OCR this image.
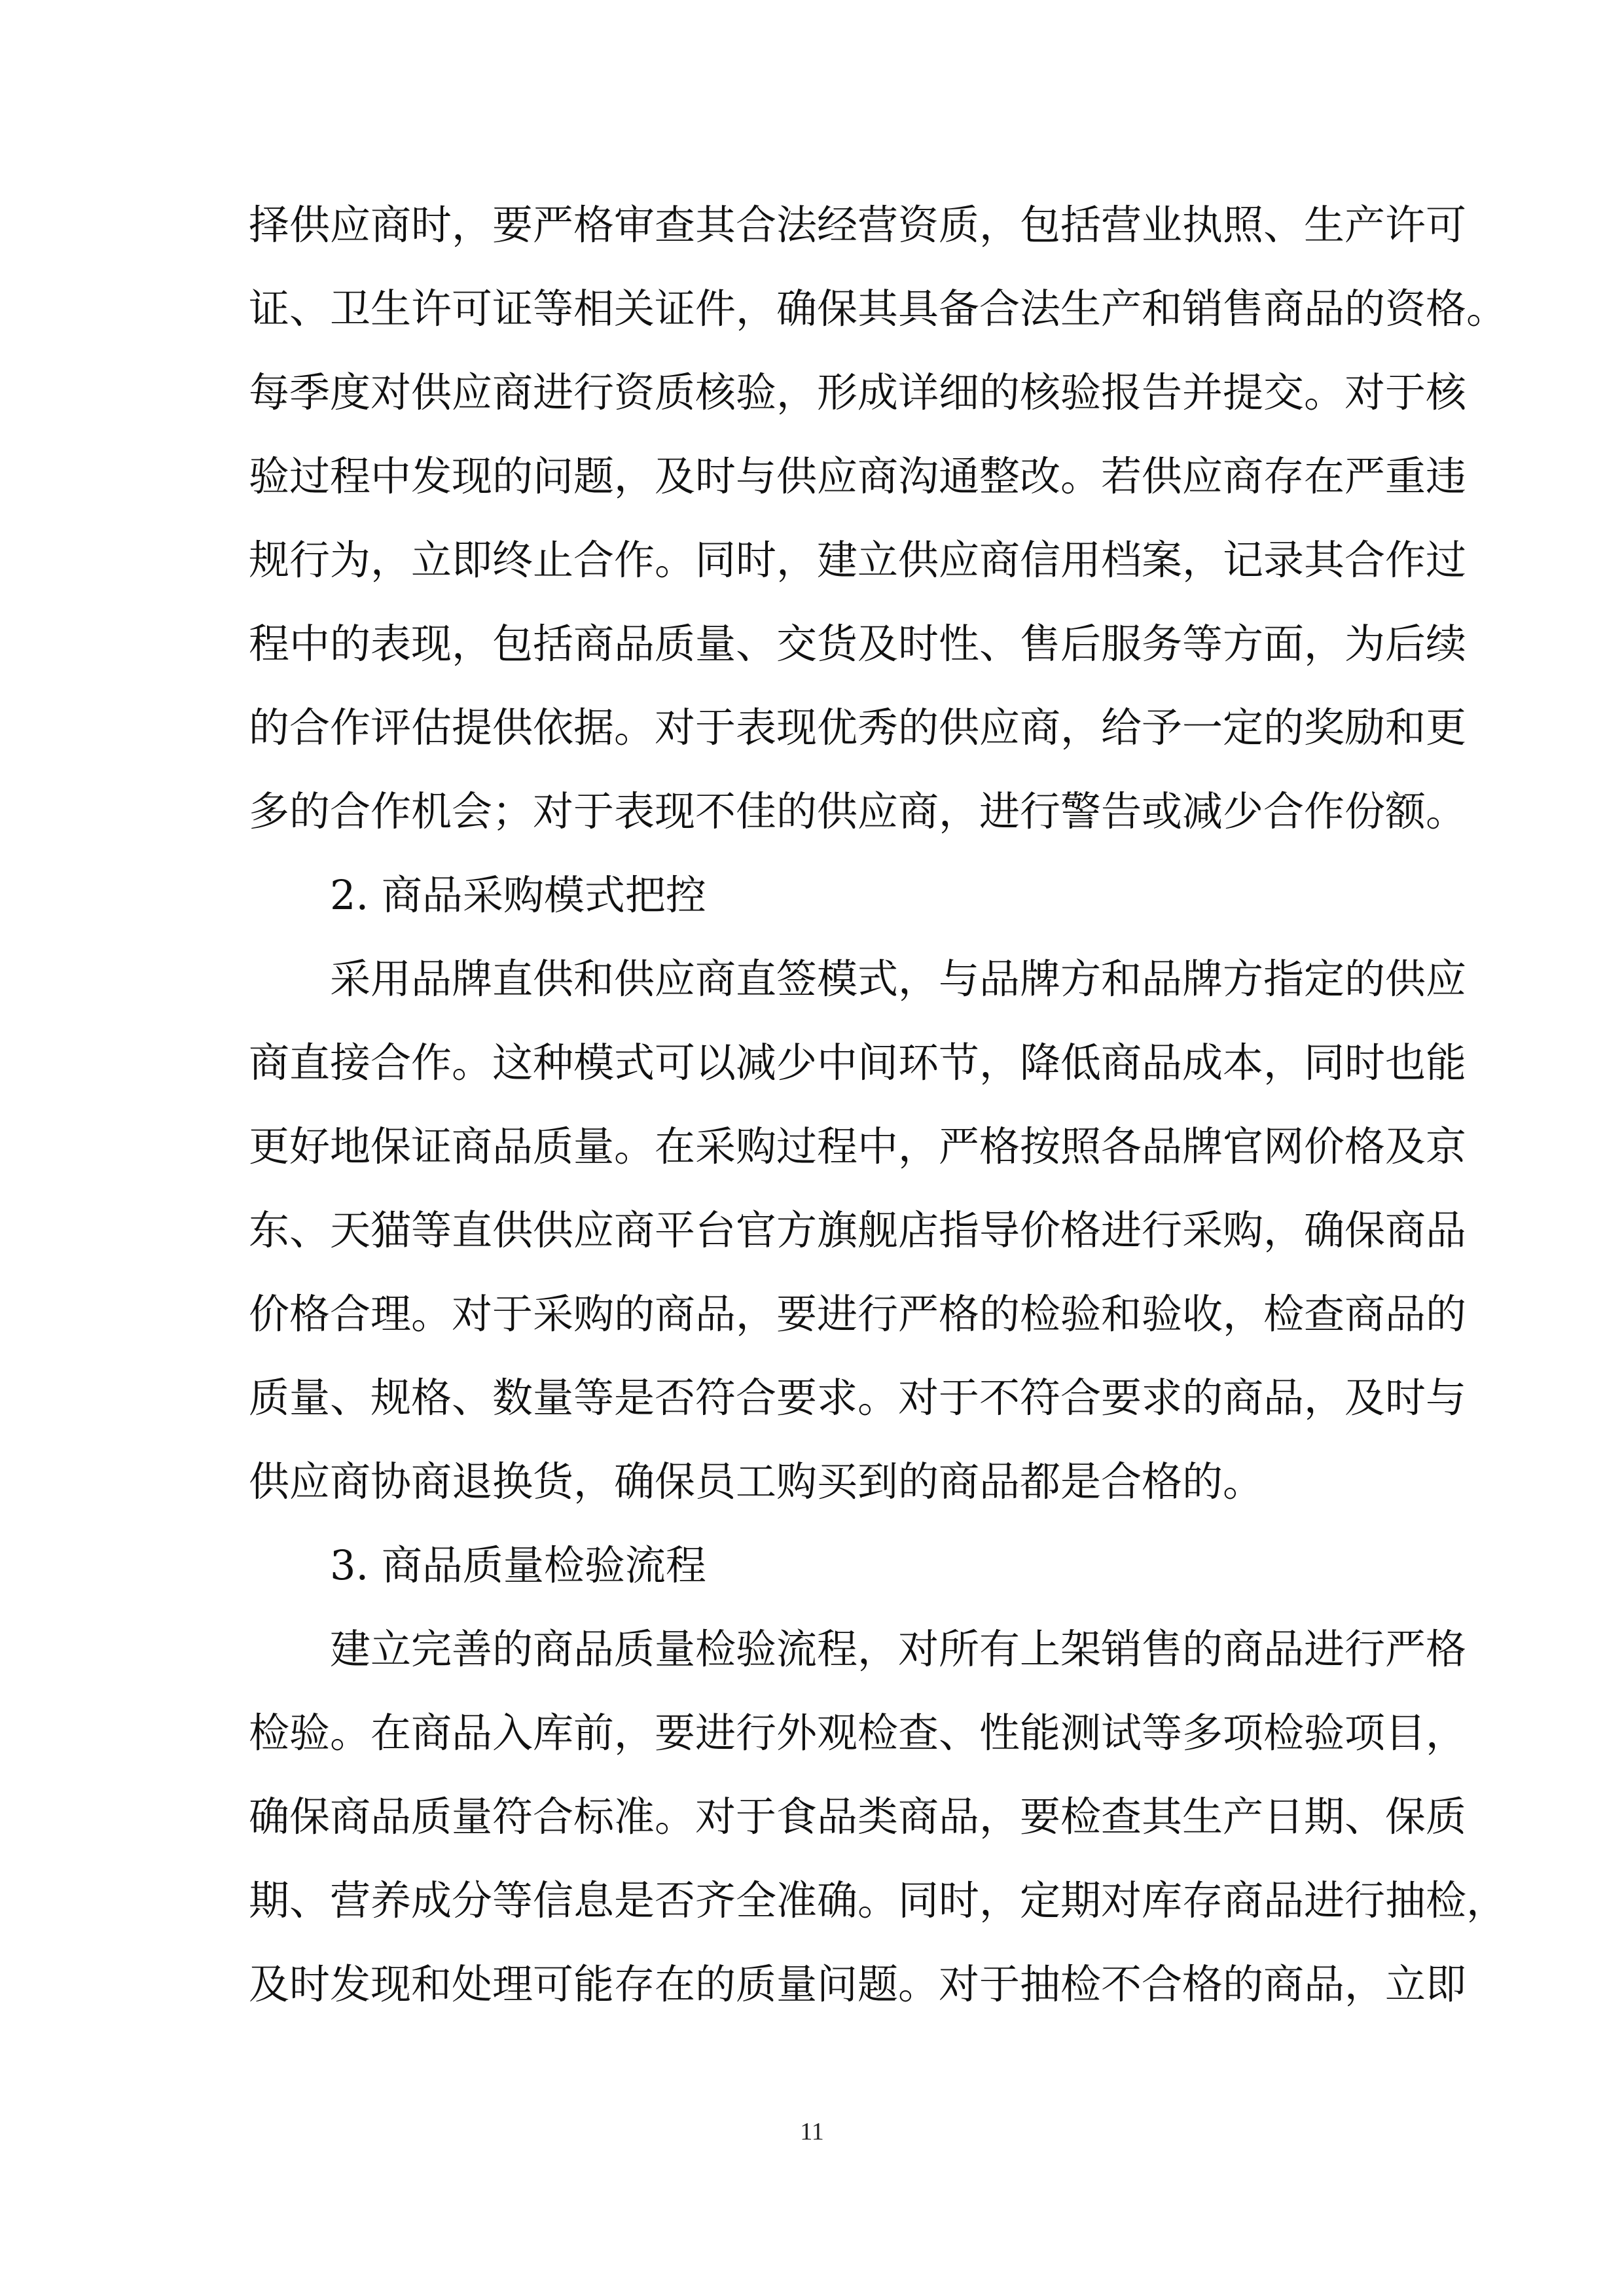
择供应商时，要严格审查其合法经营资质，包括营业执照、生产许可
证、卫生许可证等相关证件，确保其具备合法生产和销售商品的资格。
每季度对供应商进行资质核验，形成详细的核验报告并提交。对于核
验过程中发现的问题，及时与供应商沟通整改。若供应商存在严重违
规行为，立即终止合作。同时，建立供应商信用档案，记录其合作过
程中的表现，包括商品质量、交货及时性、售后服务等方面，为后续
的合作评估提供依据。对于表现优秀的供应商，给予一定的奖励和更
多的合作机会；对于表现不佳的供应商，进行警告或减少合作份额。
2. 商品采购模式把控
采用品牌直供和供应商直签模式，与品牌方和品牌方指定的供应
商直接合作。这种模式可以减少中间环节，降低商品成本，同时也能
更好地保证商品质量。在采购过程中，严格按照各品牌官网价格及京
东、天猫等直供供应商平台官方旗舰店指导价格进行采购，确保商品
价格合理。对于采购的商品，要进行严格的检验和验收，检查商品的
质量、规格、数量等是否符合要求。对于不符合要求的商品，及时与
供应商协商退换货，确保员工购买到的商品都是合格的。
3. 商品质量检验流程
建立完善的商品质量检验流程，对所有上架销售的商品进行严格
检验。在商品入库前，要进行外观检查、性能测试等多项检验项目，
确保商品质量符合标准。对于食品类商品，要检查其生产日期、保质
期、营养成分等信息是否齐全准确。同时，定期对库存商品进行抽检，
及时发现和处理可能存在的质量问题。对于抽检不合格的商品，立即
11
